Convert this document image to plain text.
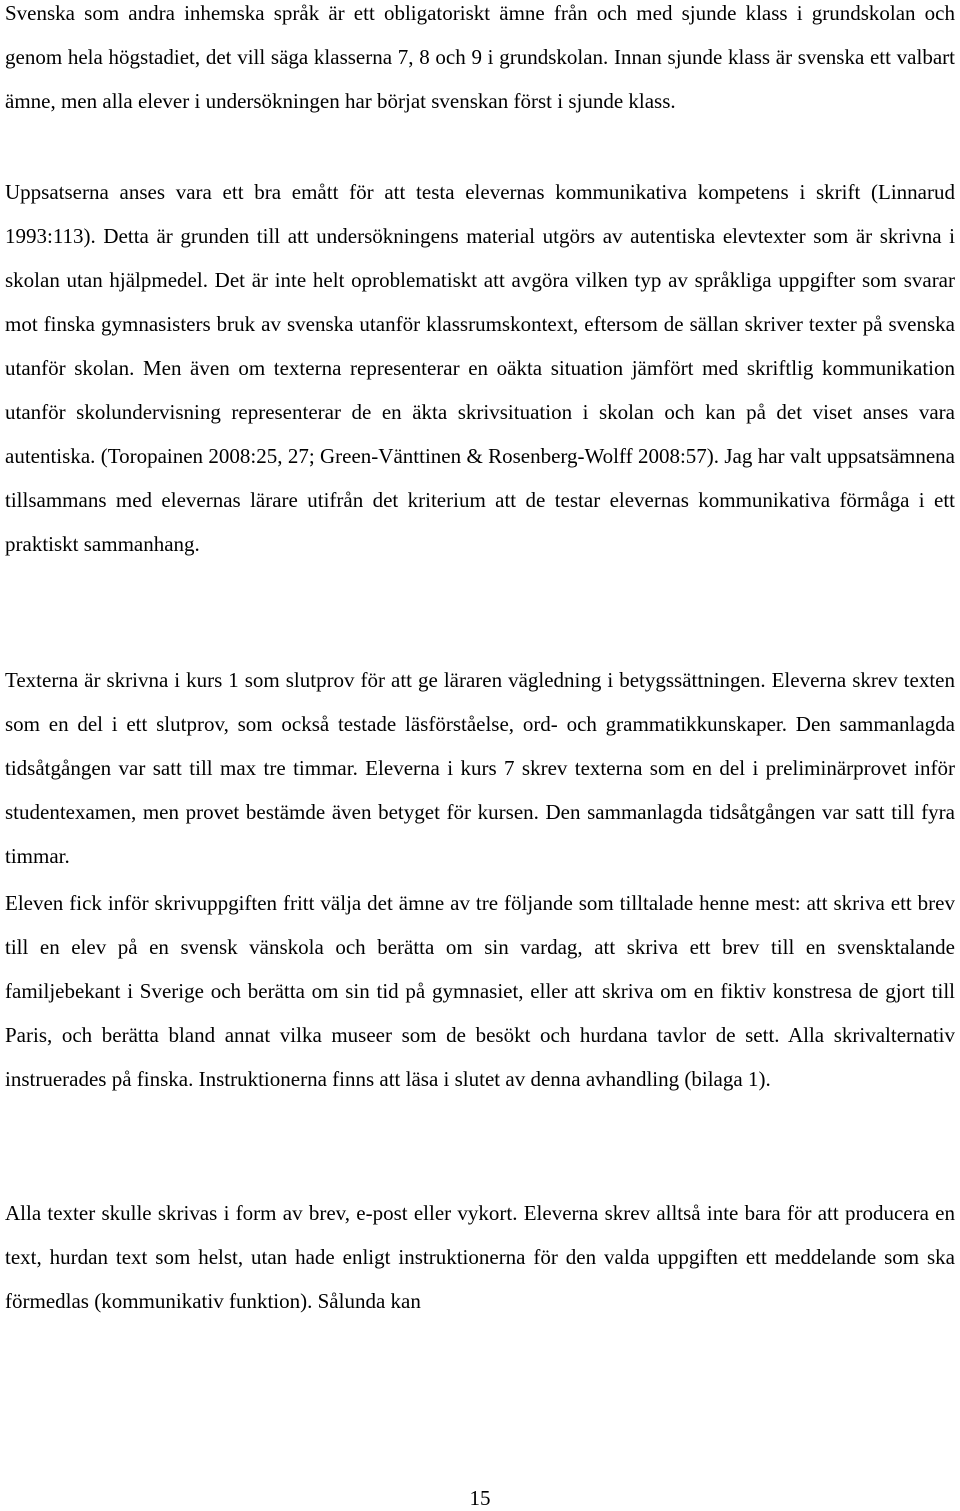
Svenska som andra inhemska språk är ett obligatoriskt ämne från och med sjunde klass i grundskolan och genom hela högstadiet, det vill säga klasserna 7, 8 och 9 i grundskolan. Innan sjunde klass är svenska ett valbart ämne, men alla elever i undersökningen har börjat svenskan först i sjunde klass.

Uppsatserna anses vara ett bra emått för att testa elevernas kommunikativa kompetens i skrift (Linnarud 1993:113). Detta är grunden till att undersökningens material utgörs av autentiska elevtexter som är skrivna i skolan utan hjälpmedel. Det är inte helt oproblematiskt att avgöra vilken typ av språkliga uppgifter som svarar mot finska gymnasisters bruk av svenska utanför klassrumskontext, eftersom de sällan skriver texter på svenska utanför skolan. Men även om texterna representerar en oäkta situation jämfört med skriftlig kommunikation utanför skolundervisning representerar de en äkta skrivsituation i skolan och kan på det viset anses vara autentiska. (Toropainen 2008:25, 27; Green-Vänttinen & Rosenberg-Wolff 2008:57). Jag har valt uppsatsämnena tillsammans med elevernas lärare utifrån det kriterium att de testar elevernas kommunikativa förmåga i ett praktiskt sammanhang.

Texterna är skrivna i kurs 1 som slutprov för att ge läraren vägledning i betygssättningen. Eleverna skrev texten som en del i ett slutprov, som också testade läsförståelse, ord- och grammatikkunskaper. Den sammanlagda tidsåtgången var satt till max tre timmar. Eleverna i kurs 7 skrev texterna som en del i preliminärprovet inför studentexamen, men provet bestämde även betyget för kursen. Den sammanlagda tidsåtgången var satt till fyra timmar.

Eleven fick inför skrivuppgiften fritt välja det ämne av tre följande som tilltalade henne mest: att skriva ett brev till en elev på en svensk vänskola och berätta om sin vardag, att skriva ett brev till en svensktalande familjebekant i Sverige och berätta om sin tid på gymnasiet, eller att skriva om en fiktiv konstresa de gjort till Paris, och berätta bland annat vilka museer som de besökt och hurdana tavlor de sett. Alla skrivalternativ instruerades på finska. Instruktionerna finns att läsa i slutet av denna avhandling (bilaga 1).

Alla texter skulle skrivas i form av brev, e-post eller vykort. Eleverna skrev alltså inte bara för att producera en text, hurdan text som helst, utan hade enligt instruktionerna för den valda uppgiften ett meddelande som ska förmedlas (kommunikativ funktion). Sålunda kan

15
